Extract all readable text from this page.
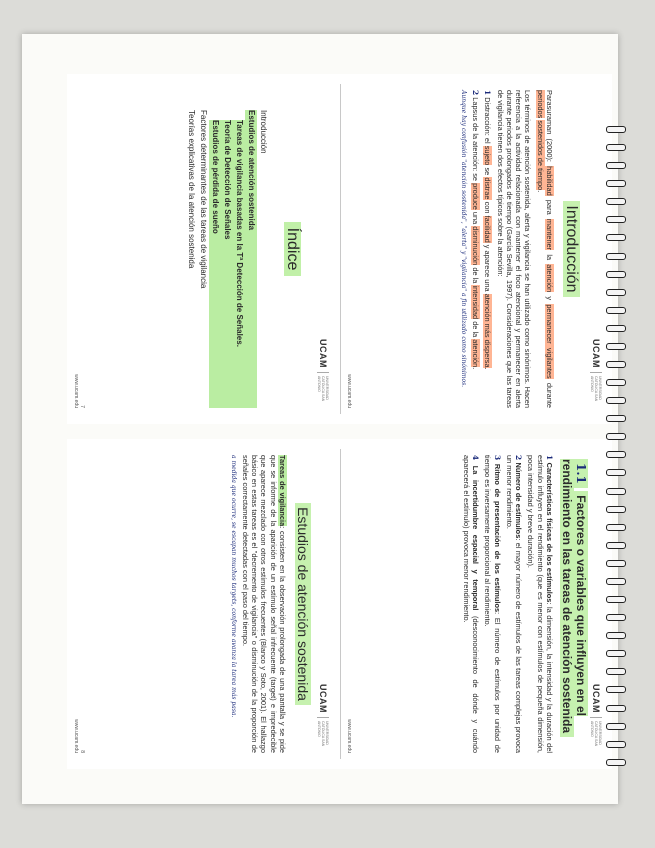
UCAM
UNIVERSIDAD CATÓLICA SAN ANTONIO
Introducción

Parasuraman (2000): habilidad para mantener la atención y permanecer vigilantes durante periodos sostenidos de tiempo.

Los términos de atención sostenida, alerta y vigilancia se han utilizado como sinónimos. Hacen referencia a la actividad relacionada con mantener el foco atencional y permanecer en alerta durante periodos prolongados de tiempo (García Sevilla, 1997). Consideraciones que las tareas de vigilancia tienen dos efectos típicos sobre la atención:

1 Distracción: el sujeto se distrae con facilidad y aparece una atención más dispersa.

2 Lapsus de la atención: se produce una disminución de la intensidad de la atención.

Aunque hay confusión "atención sostenida", "alerta" y "vigilancia" a fin utilizado como sinónimos.

www.ucam.edu
UCAM
UNIVERSIDAD CATÓLICA SAN ANTONIO
Índice
Introducción
Estudios de atención sostenida
Tareas de vigilancia basadas en la Tª Detección de Señales.
Teoría de Detección de Señales
Estudios de pérdida de sueño
Factores determinantes de las tareas de vigilancia
Teorías explicativas de la atención sostenida
7
www.ucam.edu
UCAM
UNIVERSIDAD CATÓLICA SAN ANTONIO
1.1 Factores o variables que influyen en el rendimiento en las tareas de atención sostenida

1 Características físicas de los estímulos: la dimensión, la intensidad y la duración del estímulo influyen en el rendimiento (que es menor con estímulos de pequeña dimensión, poca intensidad y breve duración).

2 Número de estímulos: el mayor número de estímulos de las tareas complejas provoca un menor rendimiento.

3 Ritmo de presentación de los estímulos: El número de estímulos por unidad de tiempo es inversamente proporcional al rendimiento.

4 La incertidumbre espacial y temporal (desconocimiento de dónde y cuándo aparecerá el estímulo) provoca menor rendimiento.

www.ucam.edu
UCAM
UNIVERSIDAD CATÓLICA SAN ANTONIO
Estudios de atención sostenida

Tareas de vigilancia: consisten en la observación prolongada de una pantalla y se pide que se informe de la aparición de un estímulo señal infrecuente (target) e impredecible que aparece mezclado con otros estímulos frecuentes (Blanco y Soto, 2001). El hallazgo básico en estas tareas es el "decremento de vigilancia" o disminución de la proporción de señales correctamente detectadas con el paso del tiempo.

a medida que ocurre, se escapan muchos targets, conforme avanza la tarea más pasa.

8
www.ucam.edu
